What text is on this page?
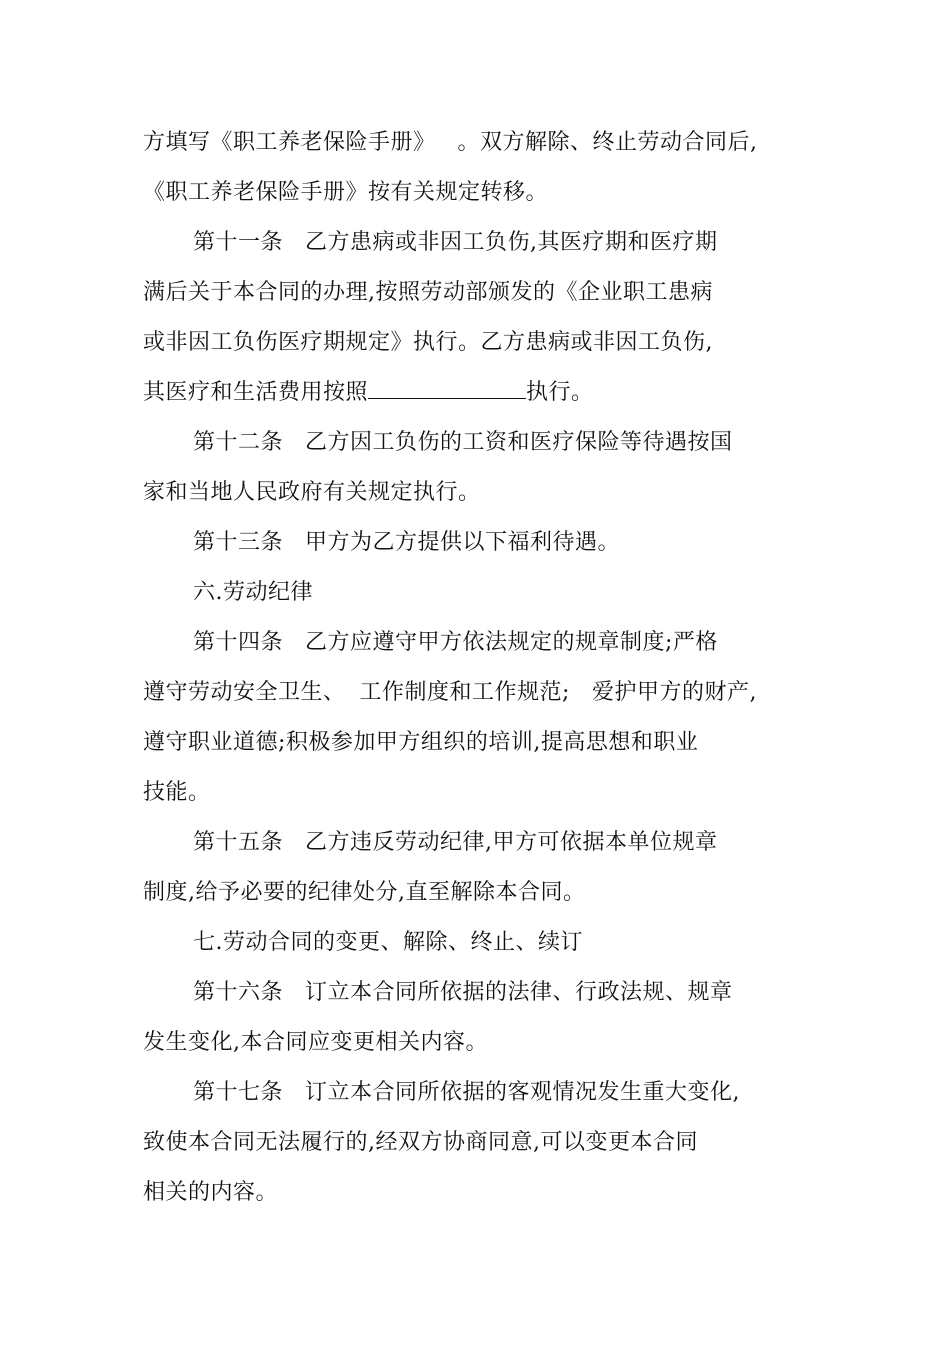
方填写《职工养老保险手册》 。双方解除、终止劳动合同后,
《职工养老保险手册》按有关规定转移。
第十一条 乙方患病或非因工负伤,其医疗期和医疗期
满后关于本合同的办理,按照劳动部颁发的《企业职工患病
或非因工负伤医疗期规定》执行。乙方患病或非因工负伤,
其医疗和生活费用按照	执行。
第十二条 乙方因工负伤的工资和医疗保险等待遇按国
家和当地人民政府有关规定执行。
第十三条 甲方为乙方提供以下福利待遇。
六.劳动纪律
第十四条 乙方应遵守甲方依法规定的规章制度;严格
遵守劳动安全卫生、 工作制度和工作规范; 爱护甲方的财产,
遵守职业道德;积极参加甲方组织的培训,提高思想和职业
技能。
第十五条 乙方违反劳动纪律,甲方可依据本单位规章
制度,给予必要的纪律处分,直至解除本合同。
七.劳动合同的变更、解除、终止、续订
第十六条 订立本合同所依据的法律、行政法规、规章
发生变化,本合同应变更相关内容。
第十七条 订立本合同所依据的客观情况发生重大变化,
致使本合同无法履行的,经双方协商同意,可以变更本合同
相关的内容。
